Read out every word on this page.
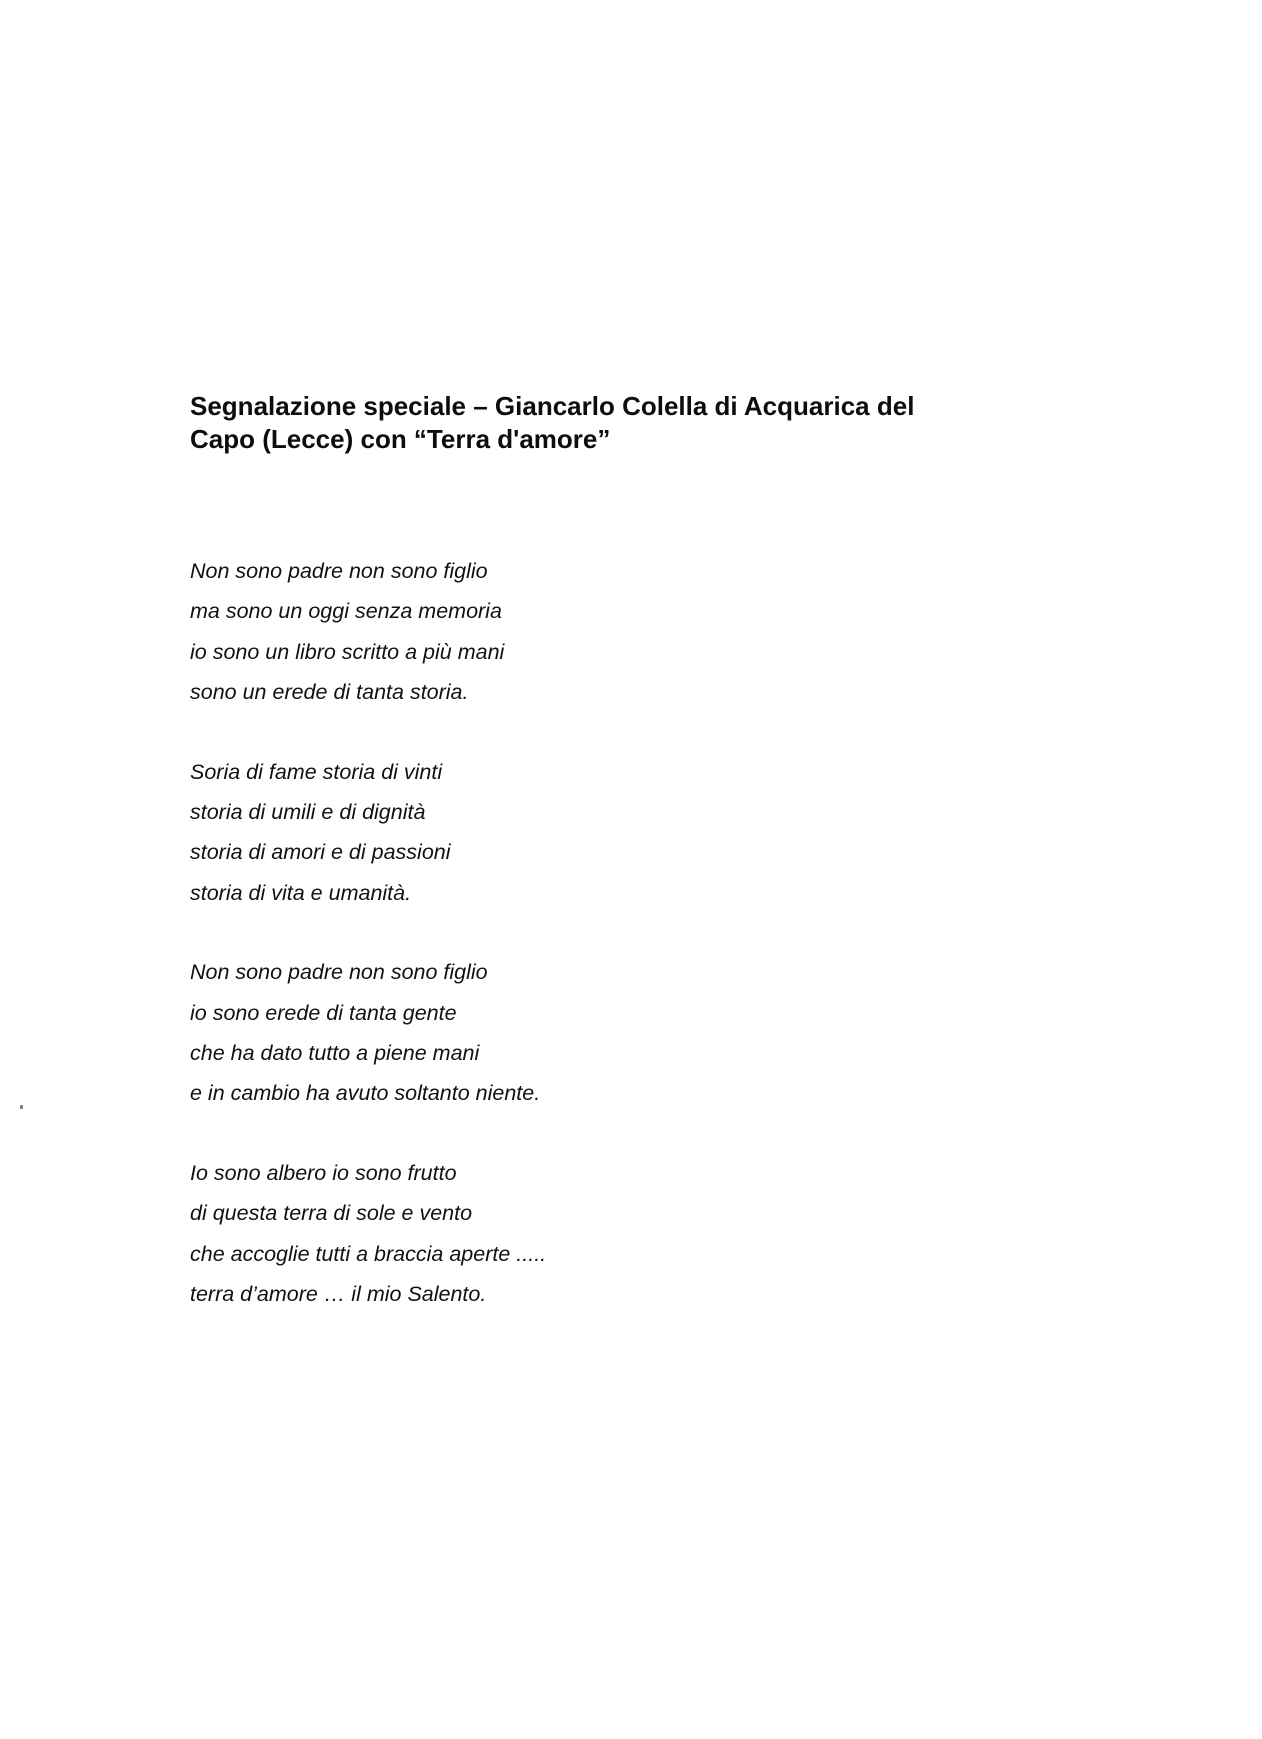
Segnalazione speciale – Giancarlo Colella di Acquarica del
Capo (Lecce) con “Terra d'amore”
Non sono padre non sono figlio
ma sono un oggi senza memoria
io sono un libro scritto a più mani
sono un erede di tanta storia.
Soria di fame storia di vinti
storia di umili e di dignità
storia di amori e di passioni
storia di vita e umanità.
Non sono padre non sono figlio
io sono erede di tanta gente
che ha dato tutto a piene mani
e in cambio ha avuto soltanto niente.
Io sono albero io sono frutto
di questa terra di sole e vento
che accoglie tutti a braccia aperte .....
terra d’amore … il mio Salento.
